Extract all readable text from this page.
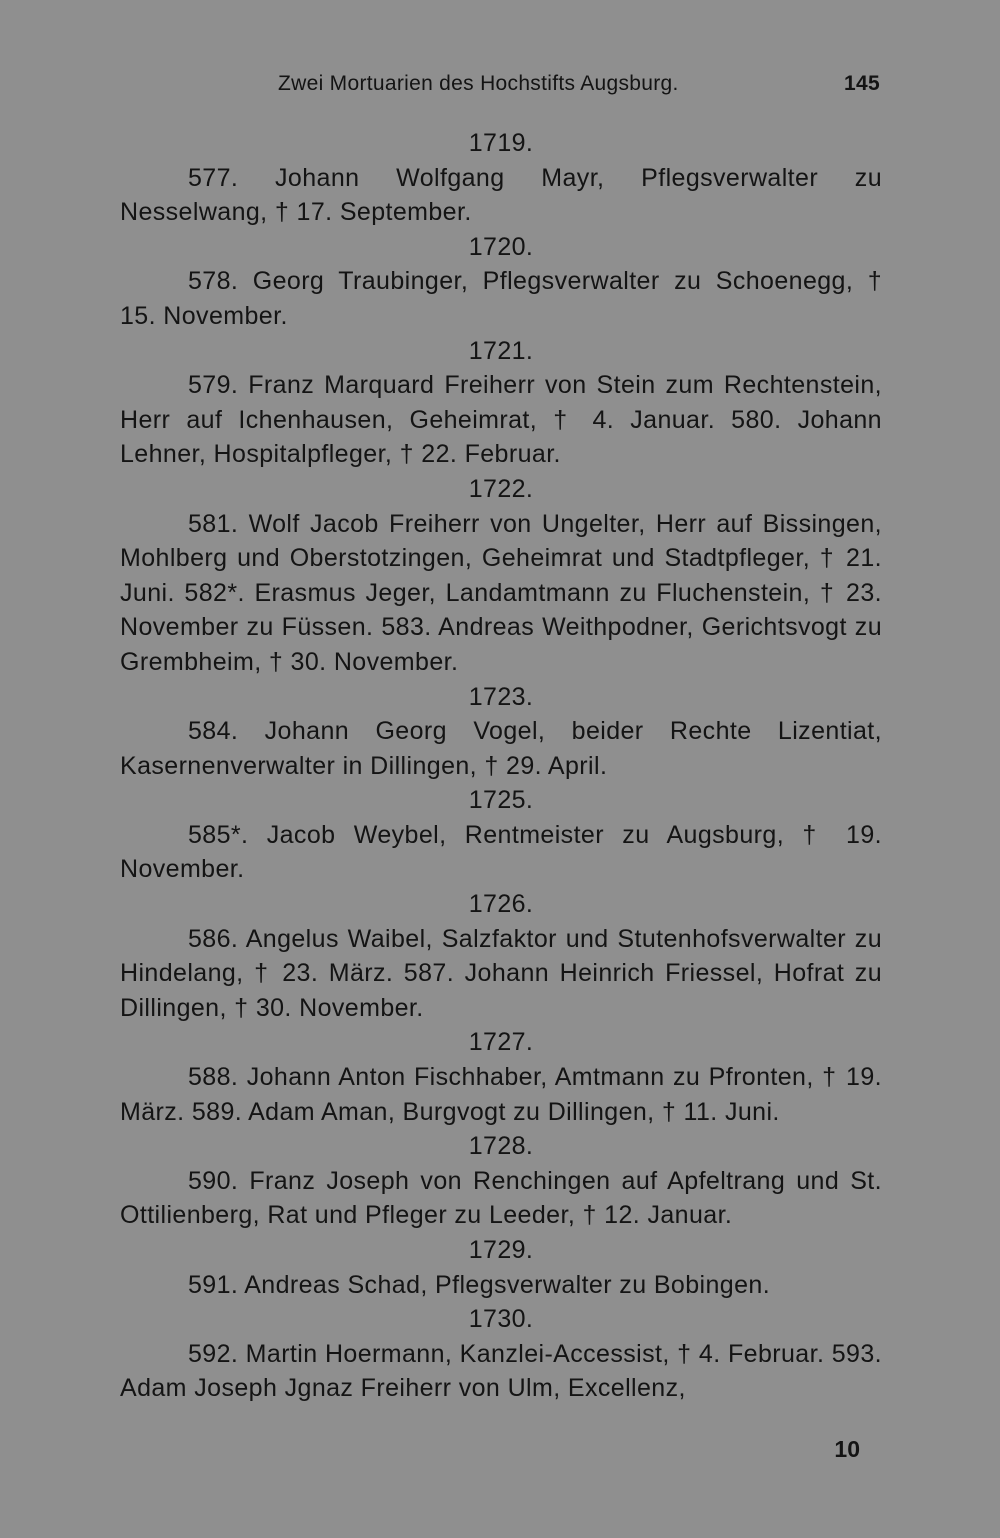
Zwei Mortuarien des Hochstifts Augsburg.	145
1719.

577. Johann Wolfgang Mayr, Pflegsverwalter zu Nesselwang, † 17. September.

1720.

578. Georg Traubinger, Pflegsverwalter zu Schoenegg, † 15. November.

1721.

579. Franz Marquard Freiherr von Stein zum Rechtenstein, Herr auf Ichenhausen, Geheimrat, † 4. Januar. 580. Johann Lehner, Hospitalpfleger, † 22. Februar.

1722.

581. Wolf Jacob Freiherr von Ungelter, Herr auf Bissingen, Mohlberg und Oberstotzingen, Geheimrat und Stadtpfleger, † 21. Juni. 582*. Erasmus Jeger, Landamtmann zu Fluchenstein, † 23. November zu Füssen. 583. Andreas Weithpodner, Gerichtsvogt zu Grembheim, † 30. November.

1723.

584. Johann Georg Vogel, beider Rechte Lizentiat, Kasernenverwalter in Dillingen, † 29. April.

1725.

585*. Jacob Weybel, Rentmeister zu Augsburg, † 19. November.

1726.

586. Angelus Waibel, Salzfaktor und Stutenhofsverwalter zu Hindelang, † 23. März. 587. Johann Heinrich Friessel, Hofrat zu Dillingen, † 30. November.

1727.

588. Johann Anton Fischhaber, Amtmann zu Pfronten, † 19. März. 589. Adam Aman, Burgvogt zu Dillingen, † 11. Juni.

1728.

590. Franz Joseph von Renchingen auf Apfeltrang und St. Ottilienberg, Rat und Pfleger zu Leeder, † 12. Januar.

1729.

591. Andreas Schad, Pflegsverwalter zu Bobingen.

1730.

592. Martin Hoermann, Kanzlei-Accessist, † 4. Februar. 593. Adam Joseph Jgnaz Freiherr von Ulm, Excellenz,

10
